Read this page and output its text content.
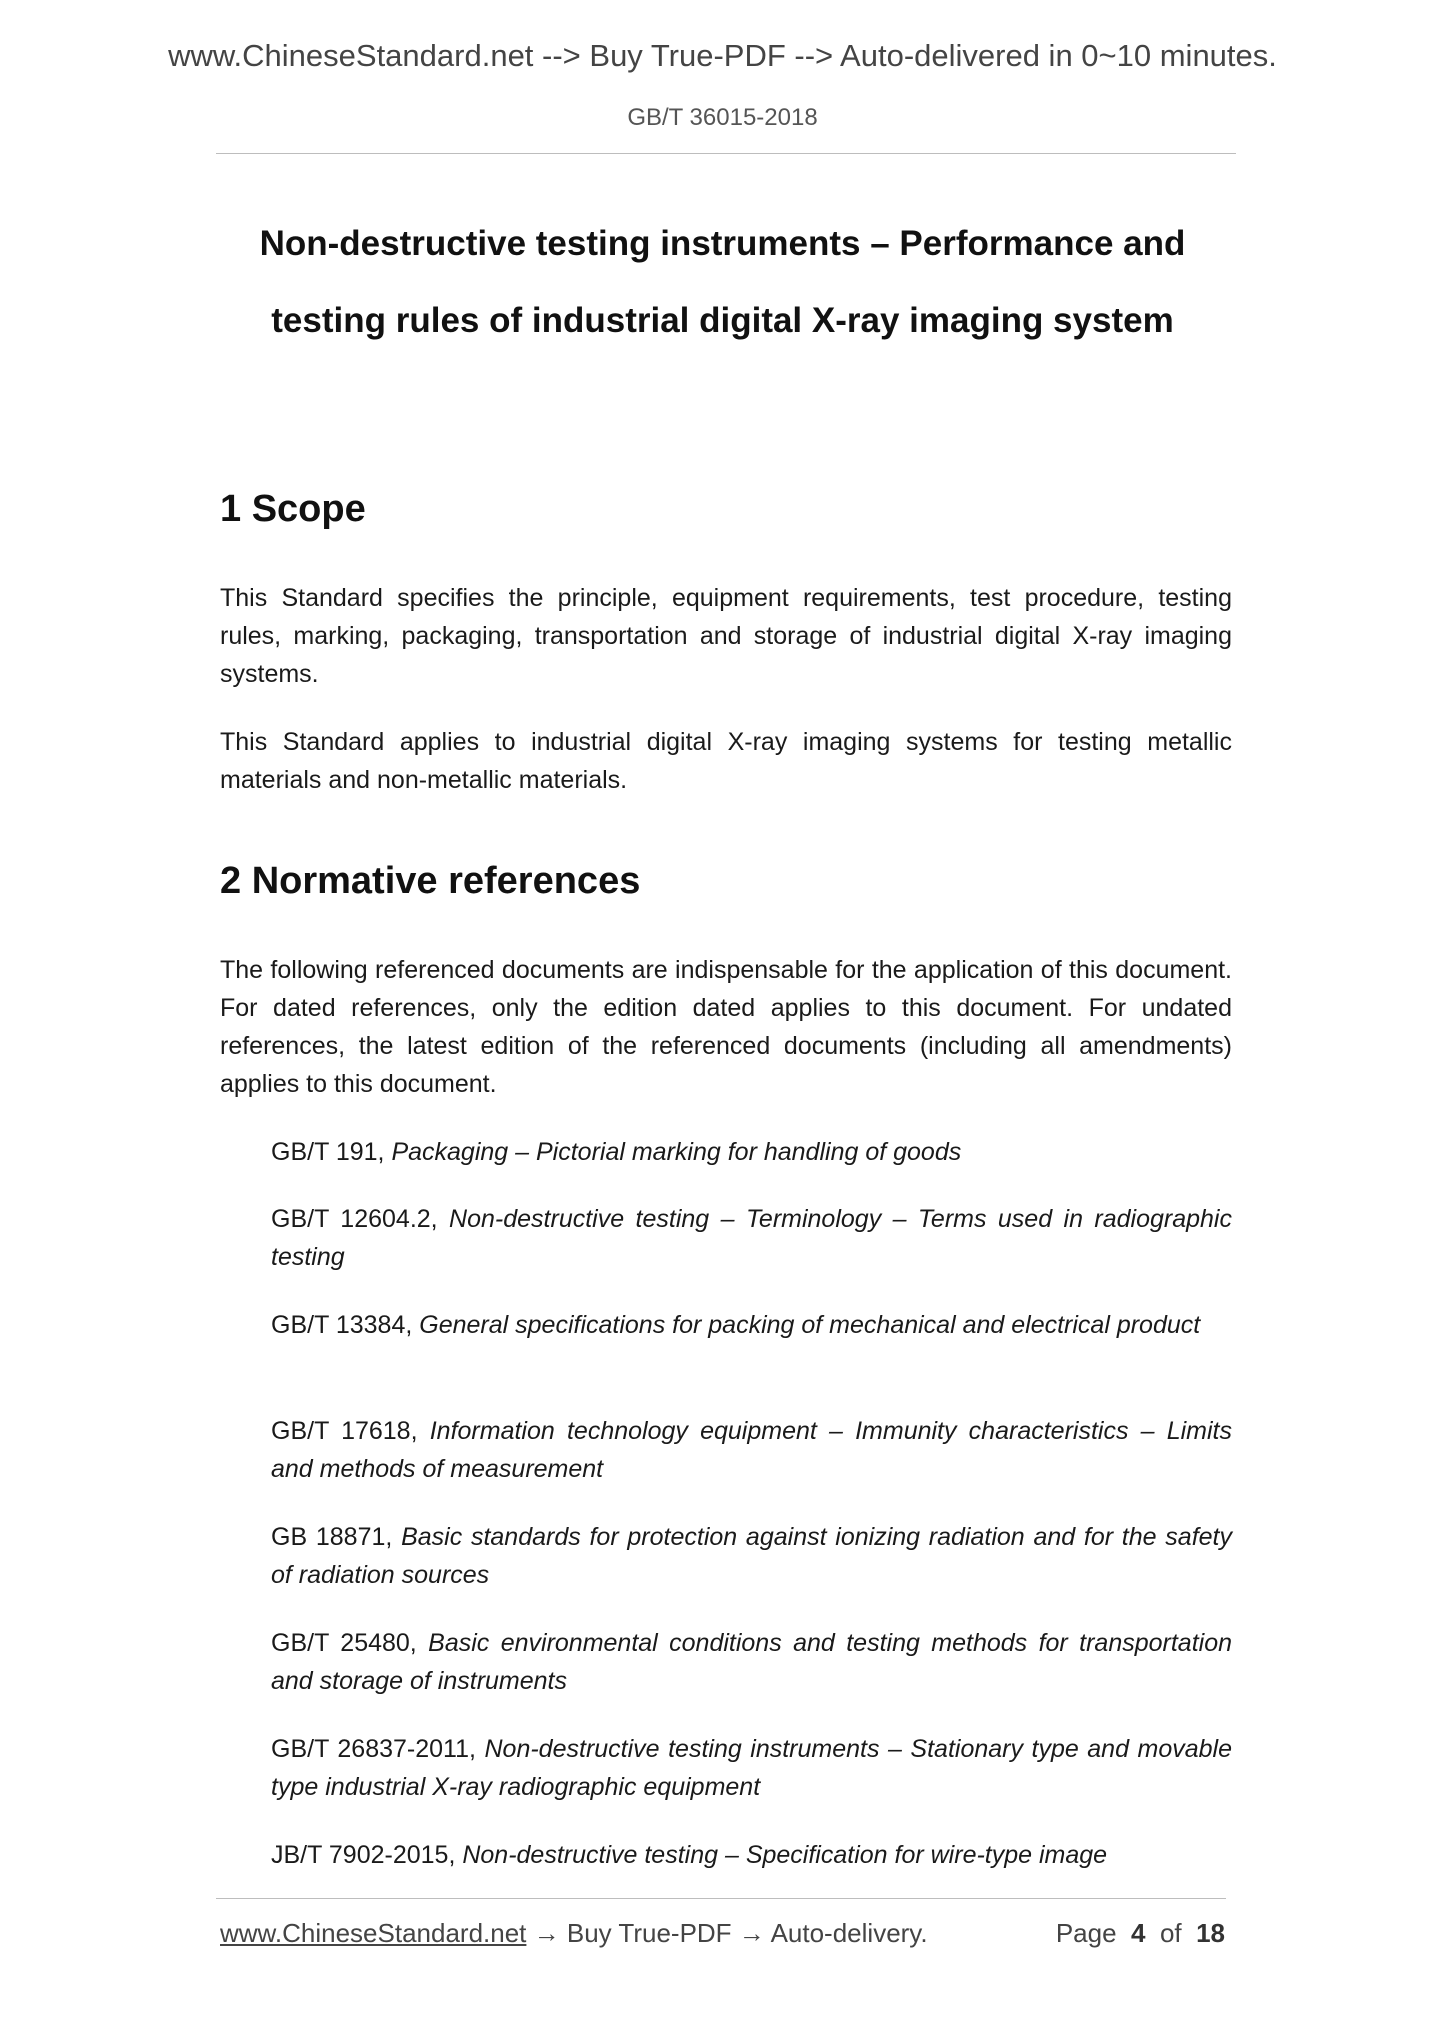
www.ChineseStandard.net --> Buy True-PDF --> Auto-delivered in 0~10 minutes.
GB/T 36015-2018
Non-destructive testing instruments – Performance and
testing rules of industrial digital X-ray imaging system
1 Scope

This Standard specifies the principle, equipment requirements, test procedure, testing rules, marking, packaging, transportation and storage of industrial digital X-ray imaging systems.

This Standard applies to industrial digital X-ray imaging systems for testing metallic materials and non-metallic materials.

2 Normative references

The following referenced documents are indispensable for the application of this document. For dated references, only the edition dated applies to this document. For undated references, the latest edition of the referenced documents (including all amendments) applies to this document.

GB/T 191, Packaging – Pictorial marking for handling of goods

GB/T 12604.2, Non-destructive testing – Terminology – Terms used in radiographic testing

GB/T 13384, General specifications for packing of mechanical and electrical product

GB/T 17618, Information technology equipment – Immunity characteristics – Limits and methods of measurement

GB 18871, Basic standards for protection against ionizing radiation and for the safety of radiation sources

GB/T 25480, Basic environmental conditions and testing methods for transportation and storage of instruments

GB/T 26837-2011, Non-destructive testing instruments – Stationary type and movable type industrial X-ray radiographic equipment

JB/T 7902-2015, Non-destructive testing – Specification for wire-type image

www.ChineseStandard.net → Buy True-PDF → Auto-delivery.	Page 4 of 18
